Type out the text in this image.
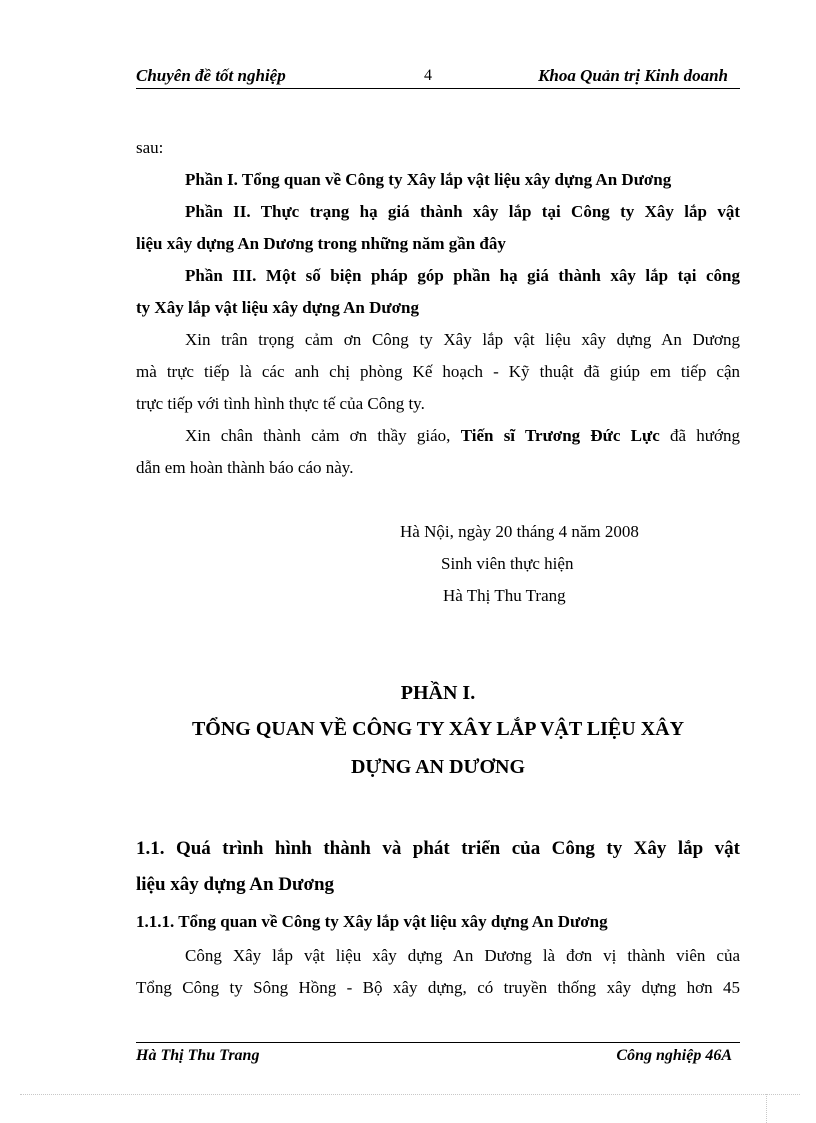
Chuyên đề tốt nghiệp	4	Khoa Quản trị Kinh doanh
sau:
Phần I. Tổng quan về Công ty Xây lắp vật liệu xây dựng An Dương
Phần II. Thực trạng hạ giá thành xây lắp tại Công ty Xây lắp vật
liệu xây dựng An Dương trong những năm gần đây
Phần III. Một số biện pháp góp phần hạ giá thành xây lắp tại công
ty Xây lắp vật liệu xây dựng An Dương
Xin trân trọng cảm ơn Công ty Xây lắp vật liệu xây dựng An Dương
mà trực tiếp là các anh chị phòng Kế hoạch - Kỹ thuật đã giúp em tiếp cận
trực tiếp với tình hình thực tế của Công ty.
Xin chân thành cảm ơn thầy giáo, Tiến sĩ Trương Đức Lực đã hướng
dẫn em hoàn thành báo cáo này.
Hà Nội, ngày 20 tháng 4 năm 2008
Sinh viên thực hiện
Hà Thị Thu Trang
PHẦN I.
TỔNG QUAN VỀ CÔNG TY XÂY LẮP VẬT LIỆU XÂY
DỰNG AN DƯƠNG
1.1. Quá trình hình thành và phát triển của Công ty Xây lắp vật
liệu xây dựng An Dương
1.1.1. Tổng quan về Công ty Xây lắp vật liệu xây dựng An Dương
Công Xây lắp vật liệu xây dựng An Dương là đơn vị thành viên của
Tổng Công ty Sông Hồng - Bộ xây dựng, có truyền thống xây dựng hơn 45
Hà Thị Thu Trang	Công nghiệp 46A
